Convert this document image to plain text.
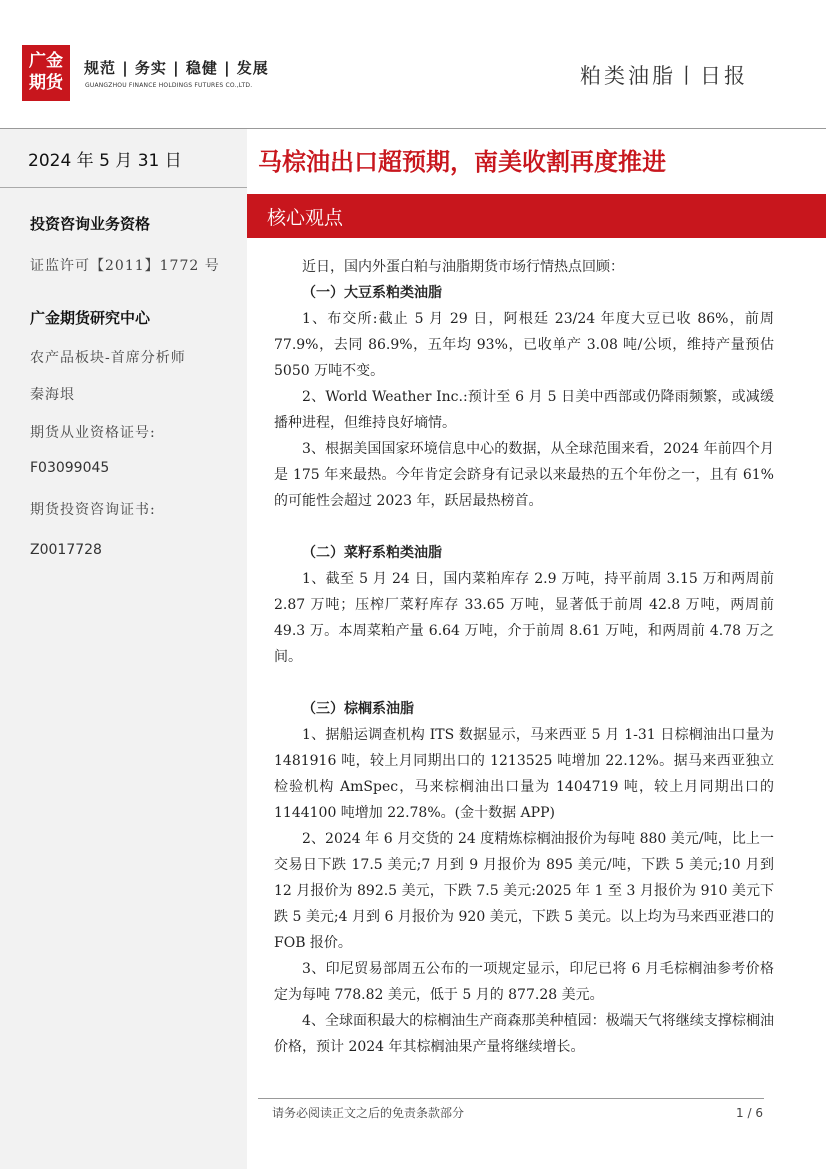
广金
期货
规范 | 务实 | 稳健 | 发展
GUANGZHOU FINANCE HOLDINGS FUTURES CO.,LTD.	粕类油脂丨日报
2024 年 5 月 31 日
投资咨询业务资格
证监许可【2011】1772 号
广金期货研究中心
农产品板块-首席分析师
秦海垠
期货从业资格证号:
F03099045
期货投资咨询证书:
Z0017728
马棕油出口超预期，南美收割再度推进
核心观点

近日，国内外蛋白粕与油脂期货市场行情热点回顾：

（一）大豆系粕类油脂

1、布交所:截止 5 月 29 日，阿根廷 23/24 年度大豆已收 86%，前周 77.9%，去同 86.9%，五年均 93%，已收单产 3.08 吨/公顷，维持产量预估 5050 万吨不变。

2、World Weather Inc.:预计至 6 月 5 日美中西部或仍降雨频繁，或减缓播种进程，但维持良好墒情。

3、根据美国国家环境信息中心的数据，从全球范围来看，2024 年前四个月是 175 年来最热。今年肯定会跻身有记录以来最热的五个年份之一，且有 61%的可能性会超过 2023 年，跃居最热榜首。

（二）菜籽系粕类油脂

1、截至 5 月 24 日，国内菜粕库存 2.9 万吨，持平前周 3.15 万和两周前 2.87 万吨；压榨厂菜籽库存 33.65 万吨，显著低于前周 42.8 万吨，两周前 49.3 万。本周菜粕产量 6.64 万吨，介于前周 8.61 万吨，和两周前 4.78 万之间。

（三）棕榈系油脂

1、据船运调查机构 ITS 数据显示，马来西亚 5 月 1-31 日棕榈油出口量为 1481916 吨，较上月同期出口的 1213525 吨增加 22.12%。据马来西亚独立检验机构 AmSpec，马来棕榈油出口量为 1404719 吨，较上月同期出口的 1144100 吨增加 22.78%。(金十数据 APP)

2、2024 年 6 月交货的 24 度精炼棕榈油报价为每吨 880 美元/吨，比上一交易日下跌 17.5 美元;7 月到 9 月报价为 895 美元/吨，下跌 5 美元;10 月到 12 月报价为 892.5 美元，下跌 7.5 美元:2025 年 1 至 3 月报价为 910 美元下跌 5 美元;4 月到 6 月报价为 920 美元，下跌 5 美元。以上均为马来西亚港口的 FOB 报价。

3、印尼贸易部周五公布的一项规定显示，印尼已将 6 月毛棕榈油参考价格定为每吨 778.82 美元，低于 5 月的 877.28 美元。

4、全球面积最大的棕榈油生产商森那美种植园：极端天气将继续支撑棕榈油价格，预计 2024 年其棕榈油果产量将继续增长。

请务必阅读正文之后的免责条款部分	1 / 6
